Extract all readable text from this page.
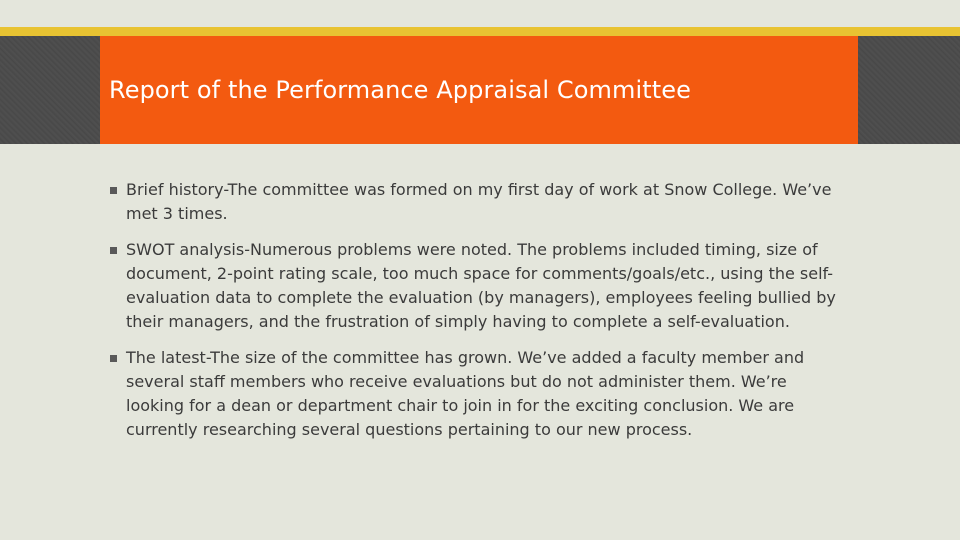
Report of the Performance Appraisal Committee
Brief history-The committee was formed on my first day of work at Snow College. We’ve met 3 times.
SWOT analysis-Numerous problems were noted. The problems included timing, size of document, 2-point rating scale, too much space for comments/goals/etc., using the self-evaluation data to complete the evaluation (by managers), employees feeling bullied by their managers, and the frustration of simply having to complete a self-evaluation.
The latest-The size of the committee has grown. We’ve added a faculty member and several staff members who receive evaluations but do not administer them. We’re looking for a dean or department chair to join in for the exciting conclusion. We are currently researching several questions pertaining to our new process.
